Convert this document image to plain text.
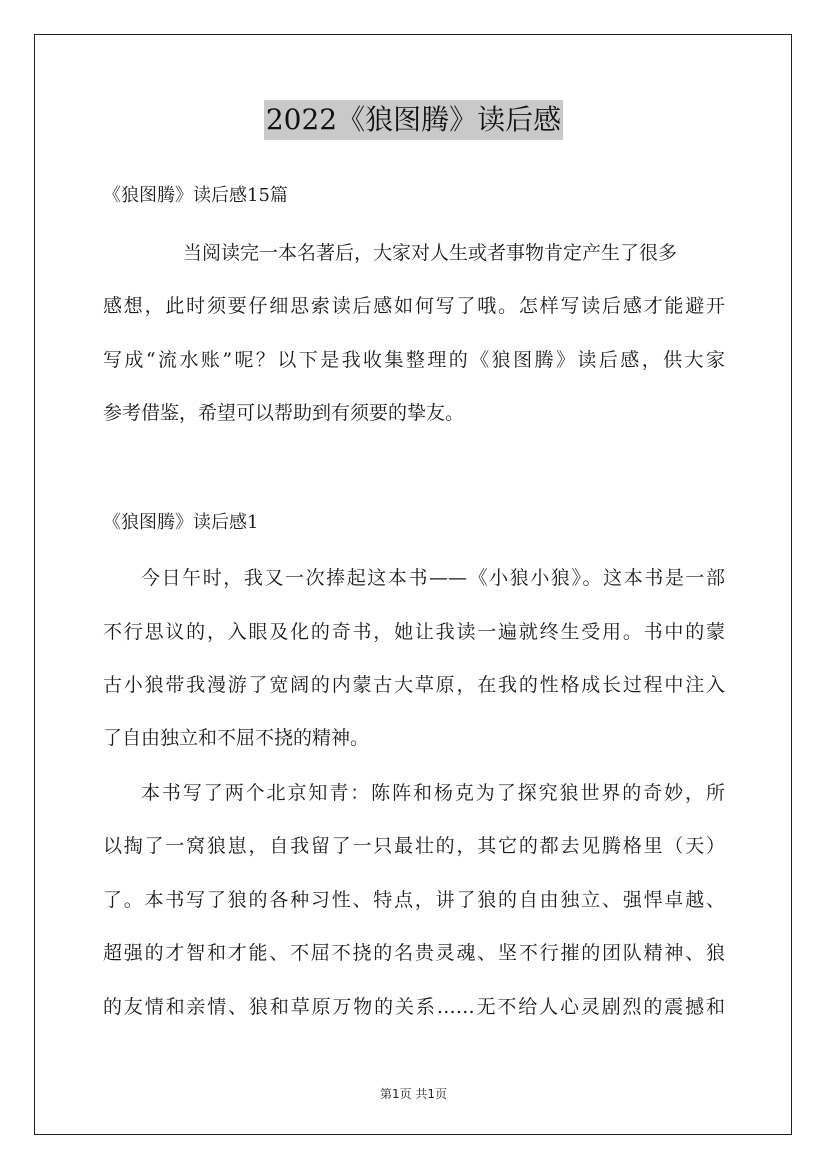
2022《狼图腾》读后感
《狼图腾》读后感15篇
当阅读完一本名著后，大家对人生或者事物肯定产生了很多
感想，此时须要仔细思索读后感如何写了哦。怎样写读后感才能避开
写成“流水账”呢？以下是我收集整理的《狼图腾》读后感，供大家
参考借鉴，希望可以帮助到有须要的挚友。
《狼图腾》读后感1
今日午时，我又一次捧起这本书——《小狼小狼》。这本书是一部
不行思议的，入眼及化的奇书，她让我读一遍就终生受用。书中的蒙
古小狼带我漫游了宽阔的内蒙古大草原，在我的性格成长过程中注入
了自由独立和不屈不挠的精神。
本书写了两个北京知青：陈阵和杨克为了探究狼世界的奇妙，所
以掏了一窝狼崽，自我留了一只最壮的，其它的都去见腾格里（天）
了。本书写了狼的各种习性、特点，讲了狼的自由独立、强悍卓越、
超强的才智和才能、不屈不挠的名贵灵魂、坚不行摧的团队精神、狼
的友情和亲情、狼和草原万物的关系……无不给人心灵剧烈的震撼和
第1页 共1页
